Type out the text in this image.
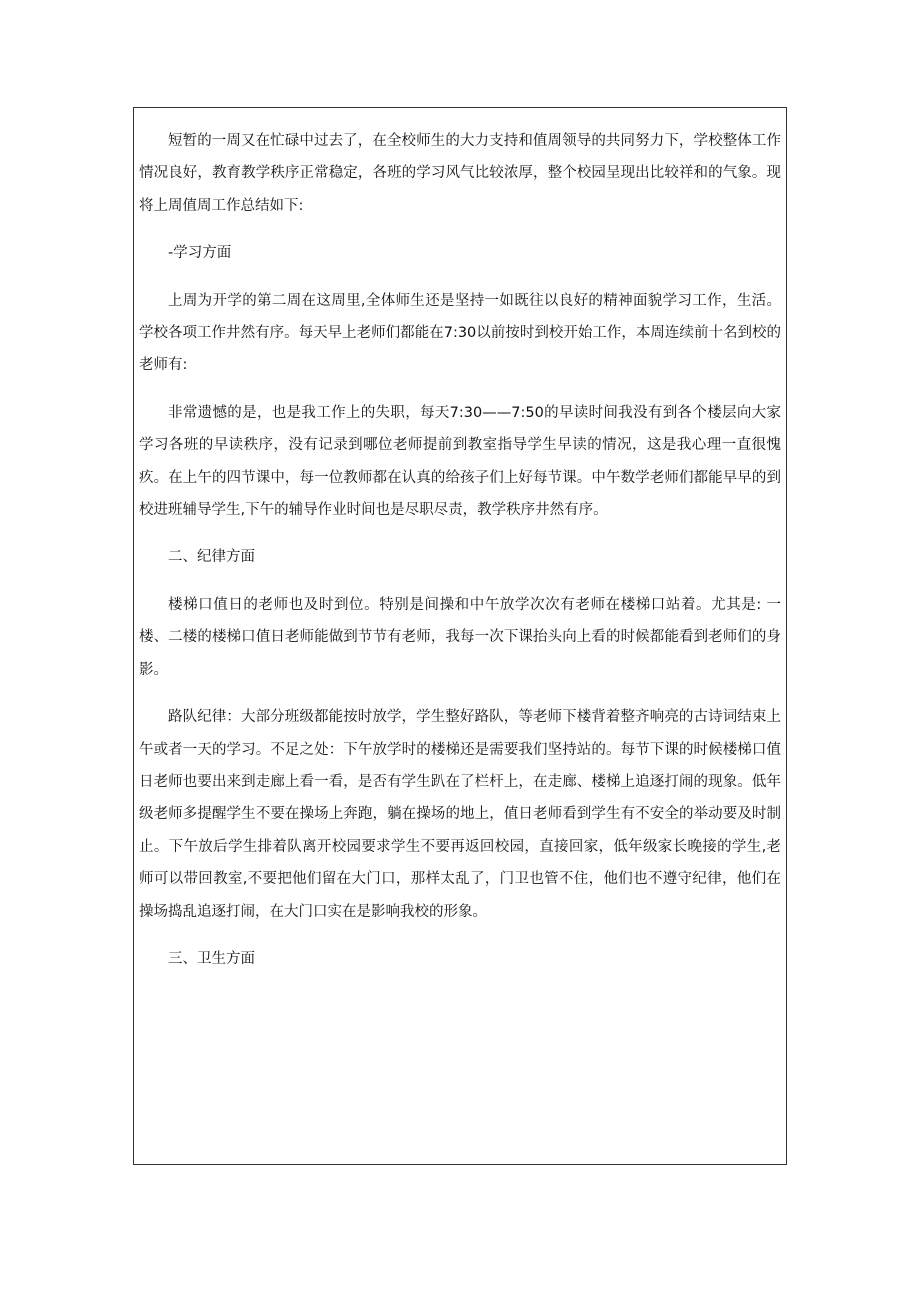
短暂的一周又在忙碌中过去了，在全校师生的大力支持和值周领导的共同努力下，学校整体工作情况良好，教育教学秩序正常稳定，各班的学习风气比较浓厚，整个校园呈现出比较祥和的气象。现将上周值周工作总结如下:

-学习方面

上周为开学的第二周在这周里,全体师生还是坚持一如既往以良好的精神面貌学习工作，生活。学校各项工作井然有序。每天早上老师们都能在7:30以前按时到校开始工作，本周连续前十名到校的老师有:

非常遗憾的是，也是我工作上的失职，每天7:30——7:50的早读时间我没有到各个楼层向大家学习各班的早读秩序，没有记录到哪位老师提前到教室指导学生早读的情况，这是我心理一直很愧疚。在上午的四节课中，每一位教师都在认真的给孩子们上好每节课。中午数学老师们都能早早的到校进班辅导学生,下午的辅导作业时间也是尽职尽责，教学秩序井然有序。

二、纪律方面

楼梯口值日的老师也及时到位。特别是间操和中午放学次次有老师在楼梯口站着。尤其是: 一楼、二楼的楼梯口值日老师能做到节节有老师，我每一次下课抬头向上看的时候都能看到老师们的身影。

路队纪律：大部分班级都能按时放学，学生整好路队，等老师下楼背着整齐响亮的古诗词结束上午或者一天的学习。不足之处：下午放学时的楼梯还是需要我们坚持站的。每节下课的时候楼梯口值日老师也要出来到走廊上看一看，是否有学生趴在了栏杆上，在走廊、楼梯上追逐打闹的现象。低年级老师多提醒学生不要在操场上奔跑，躺在操场的地上，值日老师看到学生有不安全的举动要及时制止。下午放后学生排着队离开校园要求学生不要再返回校园，直接回家，低年级家长晚接的学生,老师可以带回教室,不要把他们留在大门口，那样太乱了，门卫也管不住，他们也不遵守纪律，他们在操场捣乱追逐打闹，在大门口实在是影响我校的形象。

三、卫生方面
